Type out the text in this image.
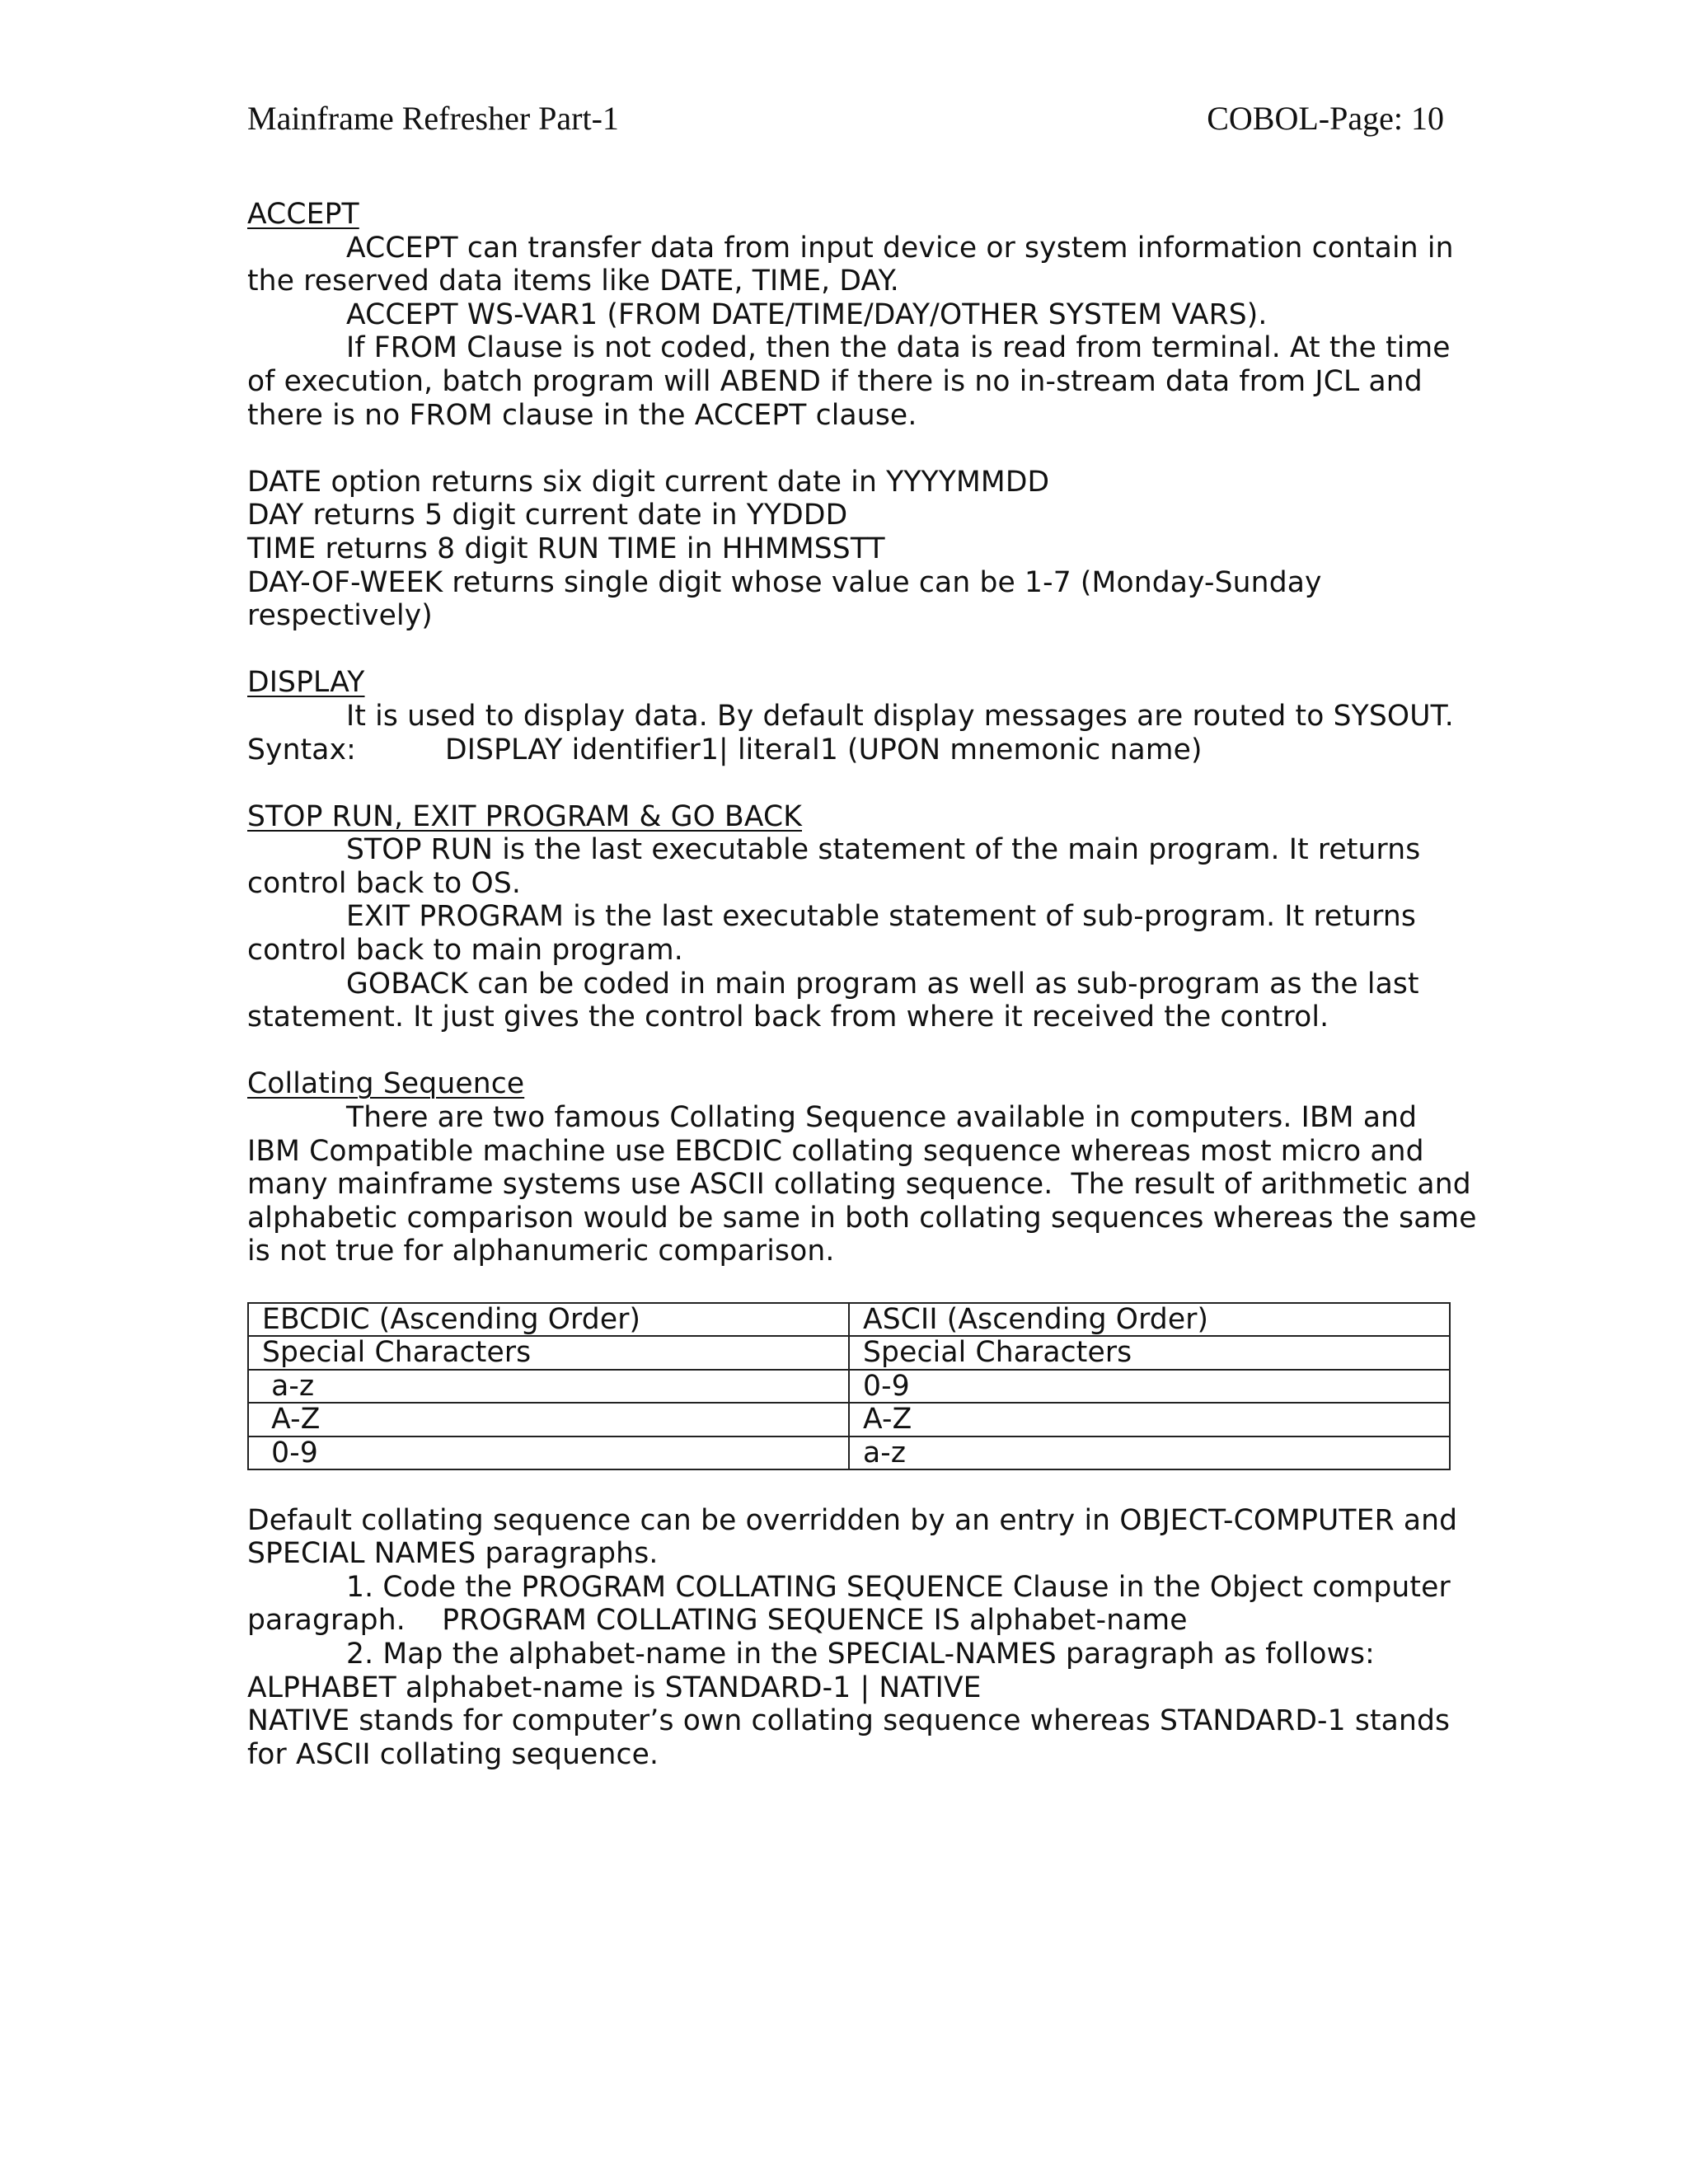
Mainframe Refresher Part-1	COBOL-Page: 10
ACCEPT
ACCEPT can transfer data from input device or system information contain in
the reserved data items like DATE, TIME, DAY.
ACCEPT WS-VAR1 (FROM DATE/TIME/DAY/OTHER SYSTEM VARS).
If FROM Clause is not coded, then the data is read from terminal. At the time
of execution, batch program will ABEND if there is no in-stream data from JCL and
there is no FROM clause in the ACCEPT clause.
DATE option returns six digit current date in YYYYMMDD
DAY returns 5 digit current date in YYDDD
TIME returns 8 digit RUN TIME in HHMMSSTT
DAY-OF-WEEK returns single digit whose value can be 1-7 (Monday-Sunday
respectively)
DISPLAY
It is used to display data. By default display messages are routed to SYSOUT.
Syntax:	DISPLAY identifier1| literal1 (UPON mnemonic name)
STOP RUN, EXIT PROGRAM & GO BACK
STOP RUN is the last executable statement of the main program. It returns
control back to OS.
EXIT PROGRAM is the last executable statement of sub-program. It returns
control back to main program.
GOBACK can be coded in main program as well as sub-program as the last
statement. It just gives the control back from where it received the control.
Collating Sequence
There are two famous Collating Sequence available in computers. IBM and
IBM Compatible machine use EBCDIC collating sequence whereas most micro and
many mainframe systems use ASCII collating sequence.  The result of arithmetic and
alphabetic comparison would be same in both collating sequences whereas the same
is not true for alphanumeric comparison.
EBCDIC (Ascending Order)	ASCII (Ascending Order)
Special Characters	Special Characters
a-z	0-9
A-Z	A-Z
0-9	a-z
Default collating sequence can be overridden by an entry in OBJECT-COMPUTER and
SPECIAL NAMES paragraphs.
1. Code the PROGRAM COLLATING SEQUENCE Clause in the Object computer
paragraph.    PROGRAM COLLATING SEQUENCE IS alphabet-name
2. Map the alphabet-name in the SPECIAL-NAMES paragraph as follows:
ALPHABET alphabet-name is STANDARD-1 | NATIVE
NATIVE stands for computer’s own collating sequence whereas STANDARD-1 stands
for ASCII collating sequence.
